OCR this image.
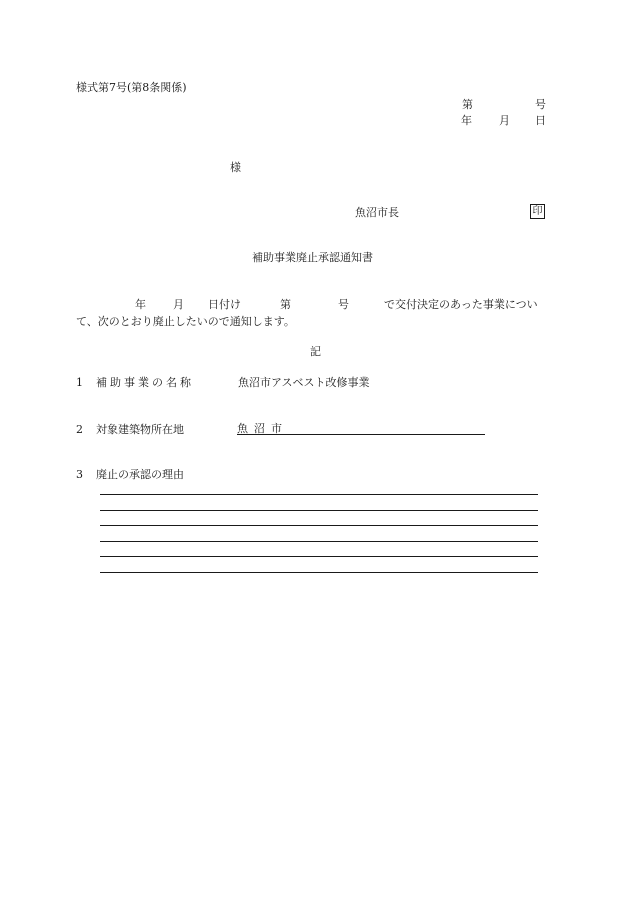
様式第7号(第8条関係)
第	号
年 月 日
様
魚沼市長	印
補助事業廃止承認通知書
年 月 日付け	第	号	で交付決定のあった事業につい
て、次のとおり廃止したいので通知します。
記
1 補助事業の名称	魚沼市アスベスト改修事業
2 対象建築物所在地	魚沼市
3 廃止の承認の理由
